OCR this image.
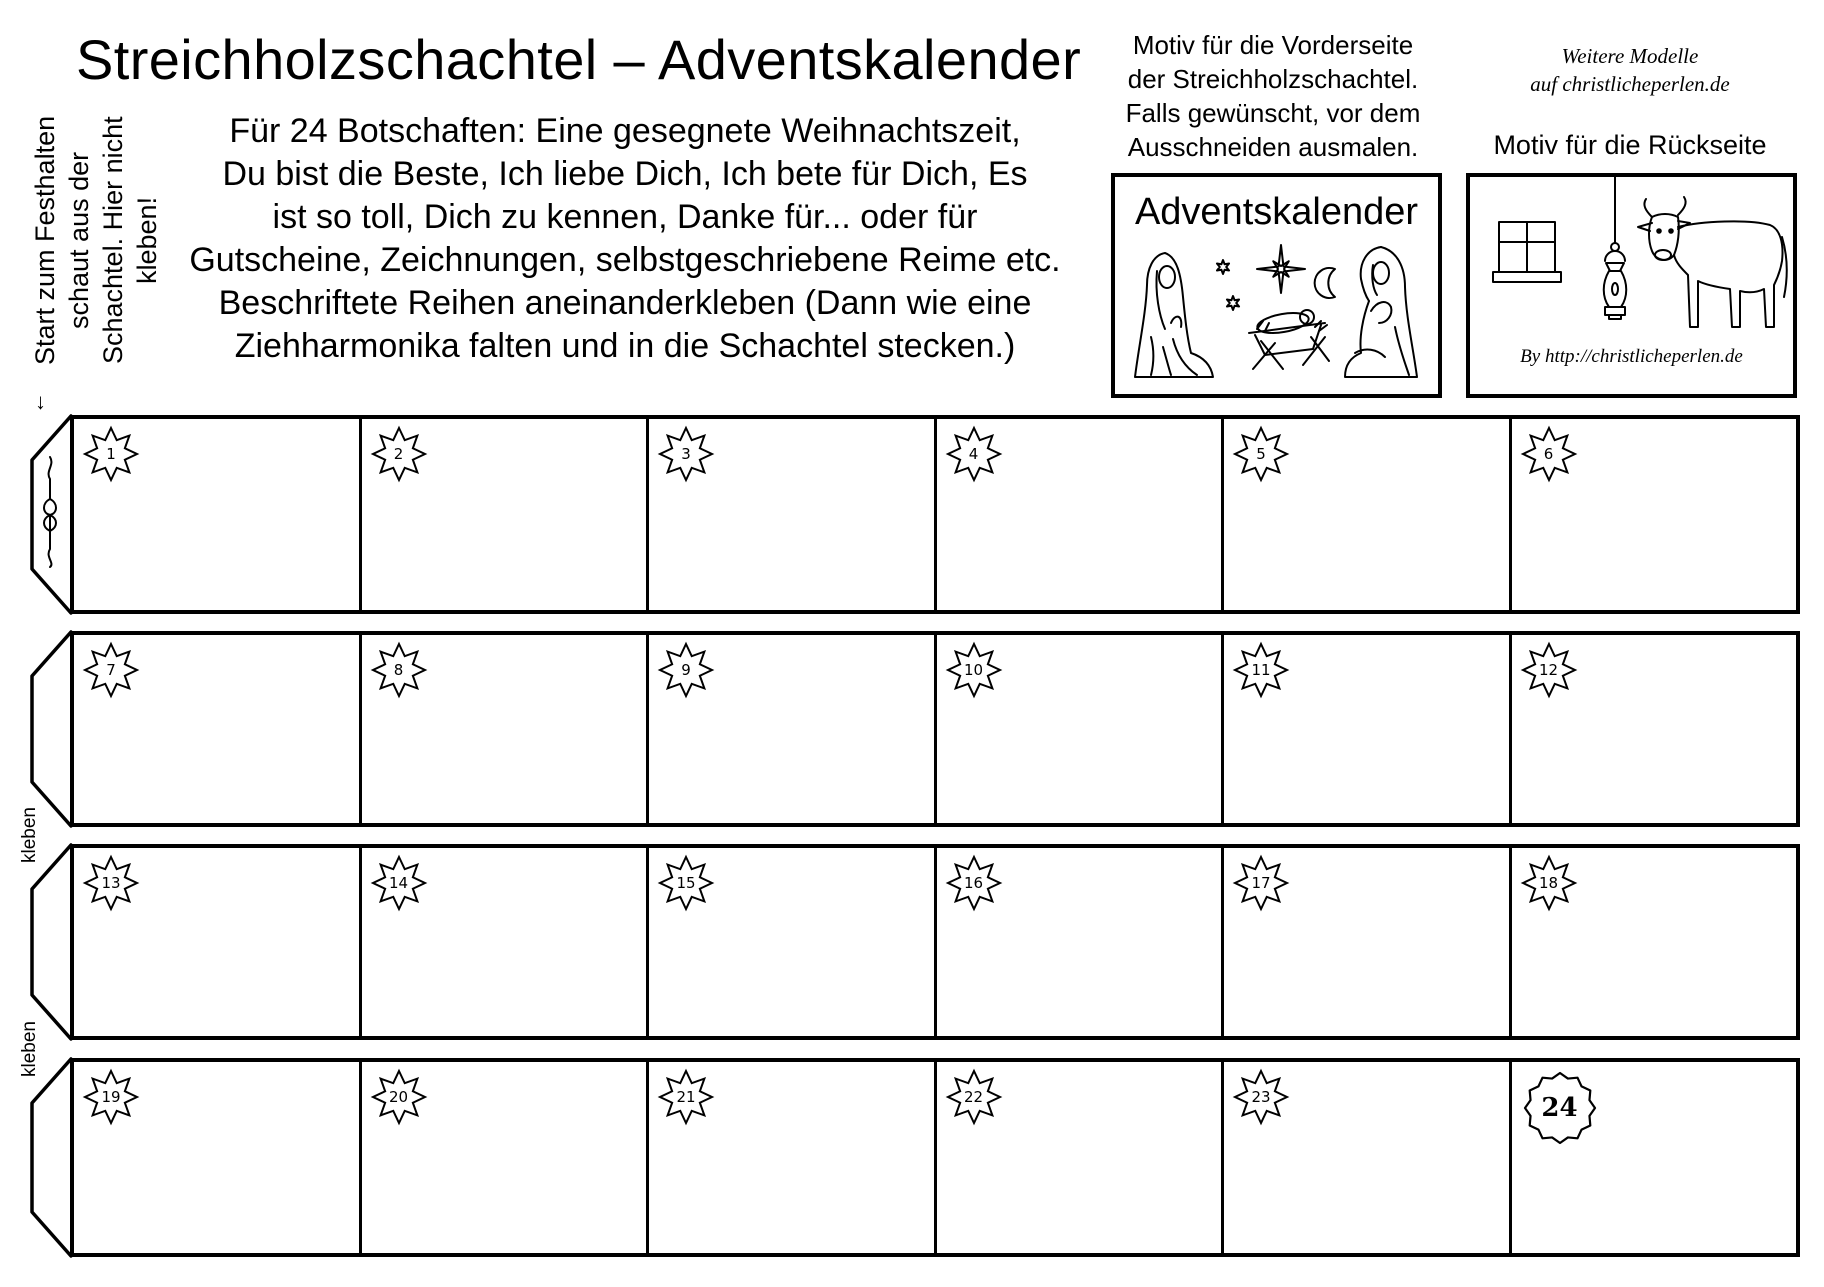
Streichholzschachtel – Adventskalender
Für 24 Botschaften: Eine gesegnete Weihnachtszeit,
Du bist die Beste, Ich liebe Dich, Ich bete für Dich, Es
ist so toll, Dich zu kennen, Danke für... oder für
Gutscheine, Zeichnungen, selbstgeschriebene Reime etc.
Beschriftete Reihen aneinanderkleben (Dann wie eine
Ziehharmonika falten und in die Schachtel stecken.)
Motiv für die Vorderseite
der Streichholzschachtel.
Falls gewünscht, vor dem
Ausschneiden ausmalen.
Weitere Modelle
auf christlicheperlen.de
Motiv für die Rückseite
Adventskalender
By http://christlicheperlen.de
Start zum Festhalten schaut aus der Schachtel. Hier nicht kleben!
↓
kleben
kleben
1	2	3	4	5	6
7	8	9	10	11	12
13	14	15	16	17	18
19	20	21	22	23	24
